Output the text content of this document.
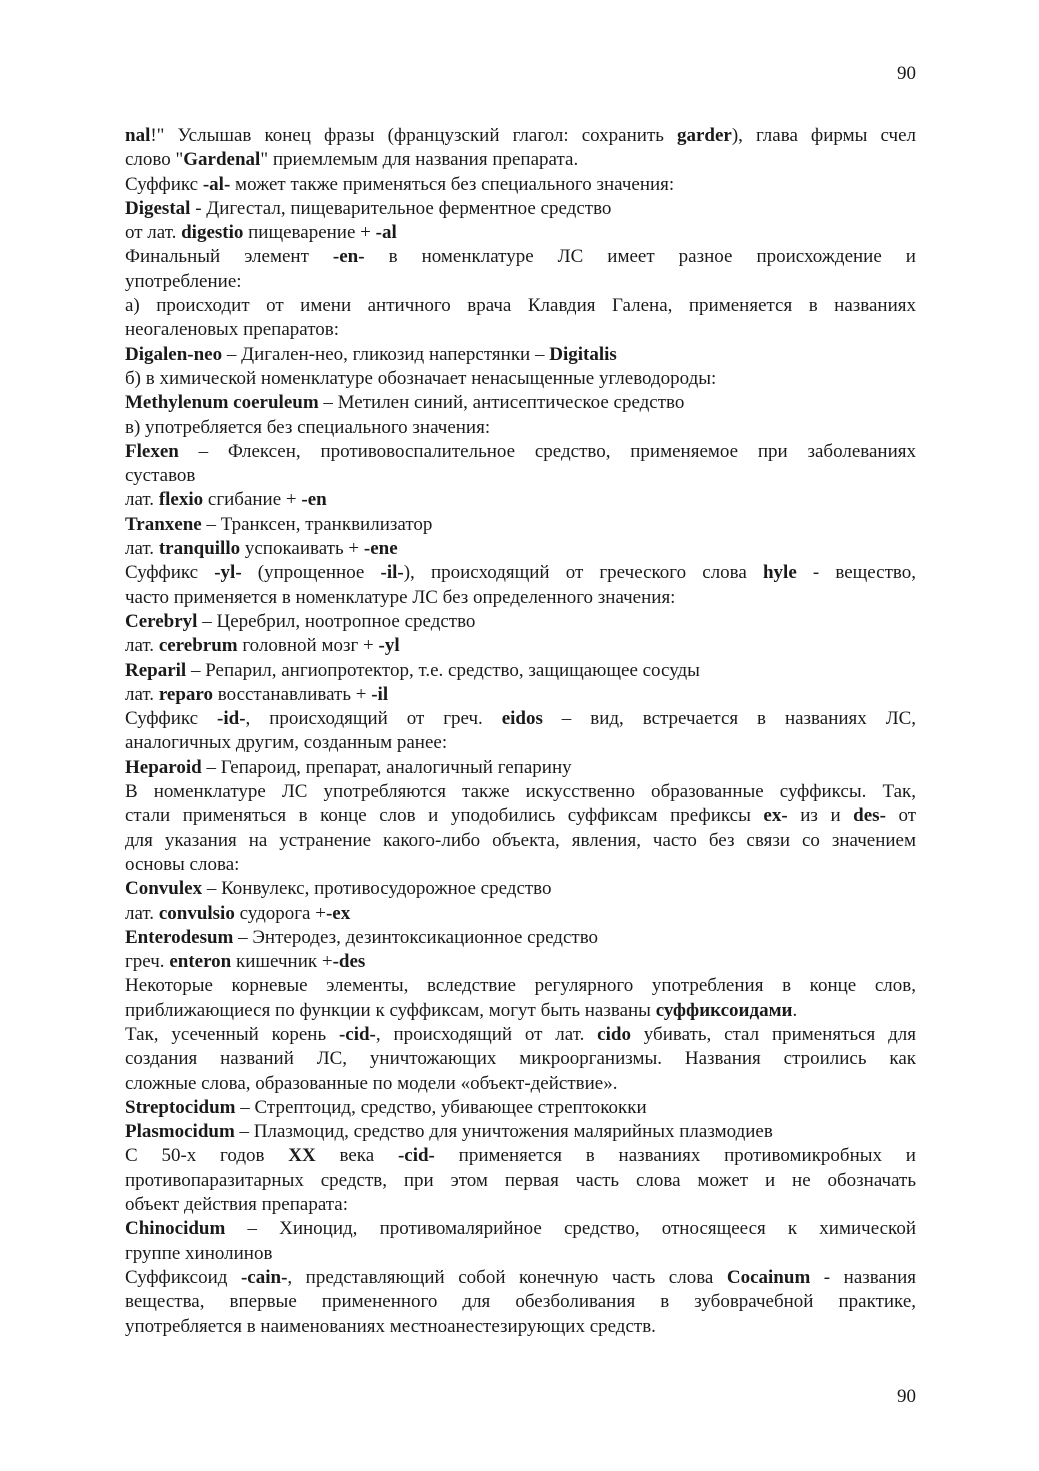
90
nal!" Услышав конец фразы (французский глагол: сохранить garder), глава фирмы счел
слово "Gardenal" приемлемым для названия препарата.
Суффикс -al- может также применяться без специального значения:
Digestal - Дигестал, пищеварительное ферментное средство
от лат. digestio пищеварение + -al
Финальный элемент -en- в номенклатуре ЛС имеет разное происхождение и
употребление:
а) происходит от имени античного врача Клавдия Галена, применяется в названиях
неогаленовых препаратов:
Digalen-neo – Дигален-нео, гликозид наперстянки – Digitalis
б) в химической номенклатуре обозначает ненасыщенные углеводороды:
Methylenum coeruleum – Метилен синий, антисептическое средство
в) употребляется без специального значения:
Flexen – Флексен, противовоспалительное средство, применяемое при заболеваниях
суставов
лат. flexio сгибание + -en
Tranxene – Транксен, транквилизатор
лат. tranquillo успокаивать + -ene
Суффикс -yl- (упрощенное -il-), происходящий от греческого слова hyle - вещество,
часто применяется в номенклатуре ЛС без определенного значения:
Cerebryl – Церебрил, ноотропное средство
лат. cerebrum головной мозг + -yl
Reparil – Репарил, ангиопротектор, т.е. средство, защищающее сосуды
лат. reparo восстанавливать + -il
Суффикс -id-, происходящий от греч. eidos – вид, встречается в названиях ЛС,
аналогичных другим, созданным ранее:
Heparoid – Гепароид, препарат, аналогичный гепарину
В номенклатуре ЛС употребляются также искусственно образованные суффиксы. Так,
стали применяться в конце слов и уподобились суффиксам префиксы ex- из и des- от
для указания на устранение какого-либо объекта, явления, часто без связи со значением
основы слова:
Convulex – Конвулекс, противосудорожное средство
лат. convulsio судорога +-ex
Enterodesum – Энтеродез, дезинтоксикационное средство
греч. enteron кишечник +-des
Некоторые корневые элементы, вследствие регулярного употребления в конце слов,
приближающиеся по функции к суффиксам, могут быть названы суффиксоидами.
Так, усеченный корень -cid-, происходящий от лат. cido убивать, стал применяться для
создания названий ЛС, уничтожающих микроорганизмы. Названия строились как
сложные слова, образованные по модели «объект-действие».
Streptocidum – Стрептоцид, средство, убивающее стрептококки
Plasmocidum – Плазмоцид, средство для уничтожения малярийных плазмодиев
С 50-х годов XX века -cid- применяется в названиях противомикробных и
противопаразитарных средств, при этом первая часть слова может и не обозначать
объект действия препарата:
Chinocidum – Хиноцид, противомалярийное средство, относящееся к химической
группе хинолинов
Суффиксоид -cain-, представляющий собой конечную часть слова Cocainum - названия
вещества, впервые примененного для обезболивания в зубоврачебной практике,
употребляется в наименованиях местноанестезирующих средств.
90
